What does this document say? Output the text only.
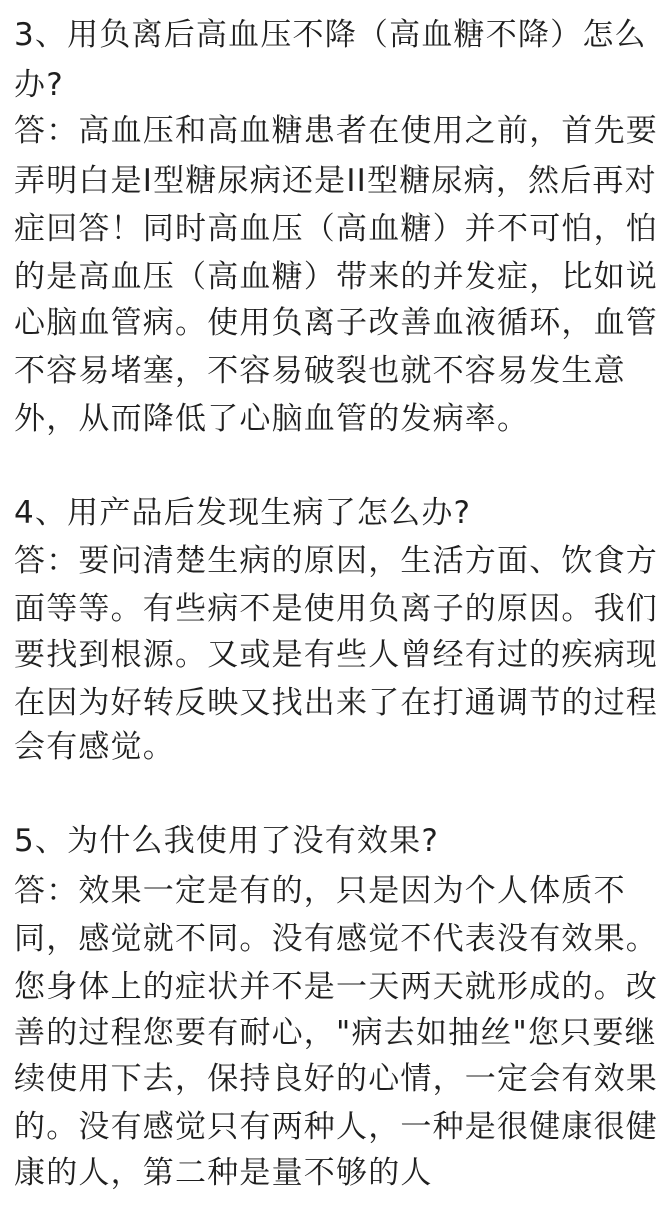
3、用负离后高血压不降（高血糖不降）怎么
办?
答：高血压和高血糖患者在使用之前，首先要
弄明白是I型糖尿病还是II型糖尿病，然后再对
症回答！同时高血压（高血糖）并不可怕，怕
的是高血压（高血糖）带来的并发症，比如说
心脑血管病。使用负离子改善血液循环，血管
不容易堵塞，不容易破裂也就不容易发生意
外，从而降低了心脑血管的发病率。
4、用产品后发现生病了怎么办?
答：要问清楚生病的原因，生活方面、饮食方
面等等。有些病不是使用负离子的原因。我们
要找到根源。又或是有些人曾经有过的疾病现
在因为好转反映又找出来了在打通调节的过程
会有感觉。
5、为什么我使用了没有效果?
答：效果一定是有的，只是因为个人体质不
同，感觉就不同。没有感觉不代表没有效果。
您身体上的症状并不是一天两天就形成的。改
善的过程您要有耐心，"病去如抽丝"您只要继
续使用下去，保持良好的心情，一定会有效果
的。没有感觉只有两种人，一种是很健康很健
康的人，第二种是量不够的人
